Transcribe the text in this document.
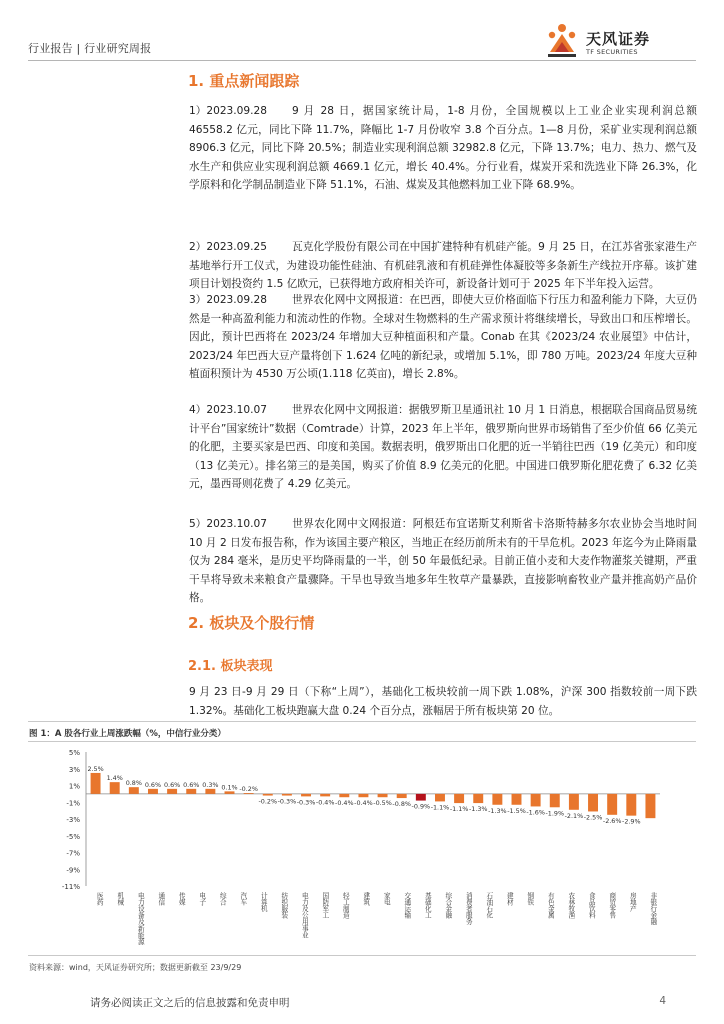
行业报告 | 行业研究周报
天风证券
TF SECURITIES
1. 重点新闻跟踪
1）2023.09.28 9 月 28 日，据国家统计局，1-8 月份，全国规模以上工业企业实现利润总额 46558.2 亿元，同比下降 11.7%，降幅比 1-7 月份收窄 3.8 个百分点。1—8 月份，采矿业实现利润总额 8906.3 亿元，同比下降 20.5%；制造业实现利润总额 32982.8 亿元，下降 13.7%；电力、热力、燃气及水生产和供应业实现利润总额 4669.1 亿元，增长 40.4%。分行业看，煤炭开采和洗选业下降 26.3%，化学原料和化学制品制造业下降 51.1%，石油、煤炭及其他燃料加工业下降 68.9%。
2）2023.09.25 瓦克化学股份有限公司在中国扩建特种有机硅产能。9 月 25 日，在江苏省张家港生产基地举行开工仪式，为建设功能性硅油、有机硅乳液和有机硅弹性体凝胶等多条新生产线拉开序幕。该扩建项目计划投资约 1.5 亿欧元，已获得地方政府相关许可，新设备计划可于 2025 年下半年投入运营。
3）2023.09.28 世界农化网中文网报道：在巴西，即使大豆价格面临下行压力和盈利能力下降，大豆仍然是一种高盈利能力和流动性的作物。全球对生物燃料的生产需求预计将继续增长，导致出口和压榨增长。因此，预计巴西将在 2023/24 年增加大豆种植面积和产量。Conab 在其《2023/24 农业展望》中估计，2023/24 年巴西大豆产量将创下 1.624 亿吨的新纪录，或增加 5.1%，即 780 万吨。2023/24 年度大豆种植面积预计为 4530 万公顷(1.118 亿英亩)，增长 2.8%。
4）2023.10.07 世界农化网中文网报道：据俄罗斯卫星通讯社 10 月 1 日消息，根据联合国商品贸易统计平台”国家统计”数据（Comtrade）计算，2023 年上半年，俄罗斯向世界市场销售了至少价值 66 亿美元的化肥，主要买家是巴西、印度和美国。数据表明，俄罗斯出口化肥的近一半销往巴西（19 亿美元）和印度（13 亿美元）。排名第三的是美国，购买了价值 8.9 亿美元的化肥。中国进口俄罗斯化肥花费了 6.32 亿美元，墨西哥则花费了 4.29 亿美元。
5）2023.10.07 世界农化网中文网报道：阿根廷布宜诺斯艾利斯省卡洛斯特赫多尔农业协会当地时间 10 月 2 日发布报告称，作为该国主要产粮区，当地正在经历前所未有的干旱危机。2023 年迄今为止降雨量仅为 284 毫米，是历史平均降雨量的一半，创 50 年最低纪录。目前正值小麦和大麦作物灌浆关键期，严重干旱将导致未来粮食产量骤降。干旱也导致当地多年生牧草产量暴跌，直接影响畜牧业产量并推高奶产品价格。
2. 板块及个股行情
2.1. 板块表现
9 月 23 日-9 月 29 日（下称“上周”），基础化工板块较前一周下跌 1.08%，沪深 300 指数较前一周下跌 1.32%。基础化工板块跑赢大盘 0.24 个百分点，涨幅居于所有板块第 20 位。
图 1：A 股各行业上周涨跌幅（%，中信行业分类）
5%
3%
1%
-1%
-3%
-5%
-7%
-9%
-11%
2.5%
1.4%
0.8% 0.6% 0.6% 0.6% 0.3% 0.1% -0.2%
-0.2% -0.3% -0.3% -0.4% -0.4% -0.4% -0.5% -0.8% -0.9% -1.1% -1.1% -1.3% -1.3% -1.5% -1.6% -1.9% -2.1% -2.5% -2.6% -2.9%
医药 机械 电力设备及新能源 通信 传媒 电子 综合 汽车 计算机 纺织服装 电力及公用事业 国防军工 轻工制造 建筑 家电 交通运输 基础化工 综合金融 消费者服务 石油石化 建材 钢铁 有色金属 农林牧渔 食品饮料 商贸零售 房地产 非银行金融
资料来源：wind，天风证券研究所；数据更新截至 23/9/29
请务必阅读正文之后的信息披露和免责申明	4
